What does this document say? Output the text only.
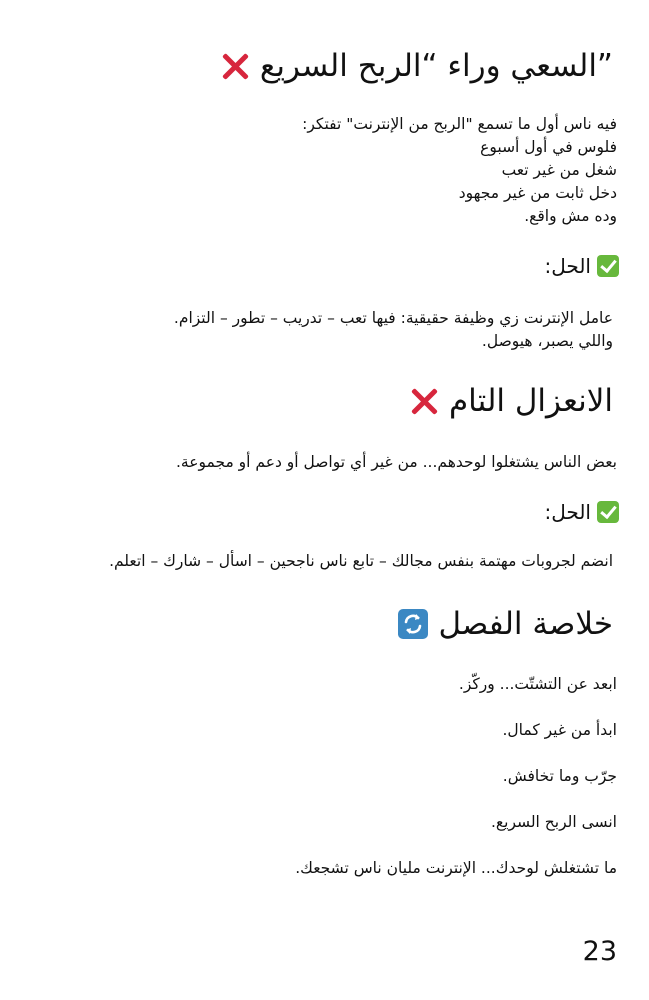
”السعي وراء “الربح السريع
فيه ناس أول ما تسمع "الربح من الإنترنت" تفتكر:
فلوس في أول أسبوع
شغل من غير تعب
دخل ثابت من غير مجهود
وده مش واقع.
الحل:
عامل الإنترنت زي وظيفة حقيقية: فيها تعب – تدريب – تطور – التزام.
واللي يصبر، هيوصل.
الانعزال التام
بعض الناس يشتغلوا لوحدهم... من غير أي تواصل أو دعم أو مجموعة.
الحل:
انضم لجروبات مهتمة بنفس مجالك – تابع ناس ناجحين – اسأل – شارك – اتعلم.
خلاصة الفصل
ابعد عن التشتّت... وركّز.
ابدأ من غير كمال.
جرّب وما تخافش.
انسى الربح السريع.
ما تشتغلش لوحدك... الإنترنت مليان ناس تشجعك.
23
